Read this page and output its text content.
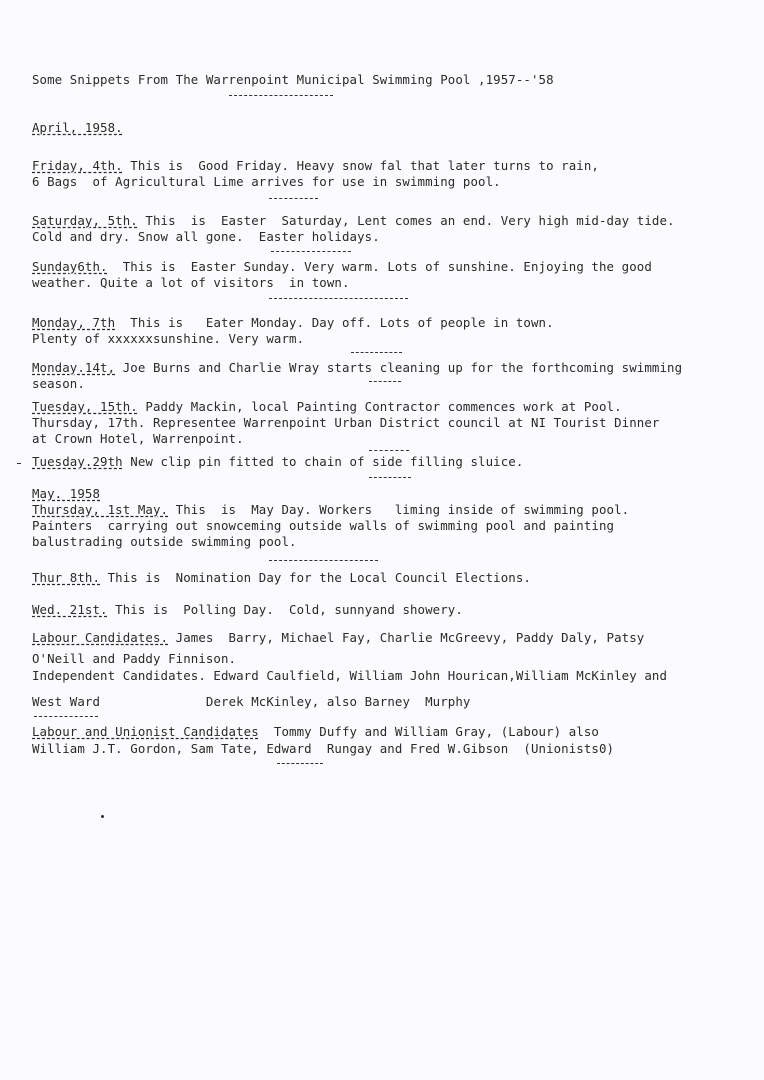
Some Snippets From The Warrenpoint Municipal Swimming Pool ,1957--'58
April, 1958.
Friday, 4th. This is  Good Friday. Heavy snow fal that later turns to rain,
6 Bags  of Agricultural Lime arrives for use in swimming pool.
Saturday, 5th. This  is  Easter  Saturday, Lent comes an end. Very high mid-day tide.
Cold and dry. Snow all gone.  Easter holidays.
Sunday6th.  This is  Easter Sunday. Very warm. Lots of sunshine. Enjoying the good
weather. Quite a lot of visitors  in town.
Monday, 7th  This is   Eater Monday. Day off. Lots of people in town.
Plenty of xxxxxxsunshine. Very warm.
Monday.14t, Joe Burns and Charlie Wray starts cleaning up for the forthcoming swimming
season.
Tuesday, 15th. Paddy Mackin, local Painting Contractor commences work at Pool.
Thursday, 17th. Representee Warrenpoint Urban District council at NI Tourist Dinner
at Crown Hotel, Warrenpoint.
Tuesday.29th New clip pin fitted to chain of side filling sluice.
May. 1958
Thursday, 1st May. This  is  May Day. Workers   liming inside of swimming pool.
Painters  carrying out snowceming outside walls of swimming pool and painting
balustrading outside swimming pool.
Thur 8th. This is  Nomination Day for the Local Council Elections.
Wed. 21st. This is  Polling Day.  Cold, sunnyand showery.
Labour Candidates. James  Barry, Michael Fay, Charlie McGreevy, Paddy Daly, Patsy
O'Neill and Paddy Finnison.
Independent Candidates. Edward Caulfield, William John Hourican,William McKinley and
West Ward              Derek McKinley, also Barney  Murphy
Labour and Unionist Candidates  Tommy Duffy and William Gray, (Labour) also
William J.T. Gordon, Sam Tate, Edward  Rungay and Fred W.Gibson  (Unionists0)
